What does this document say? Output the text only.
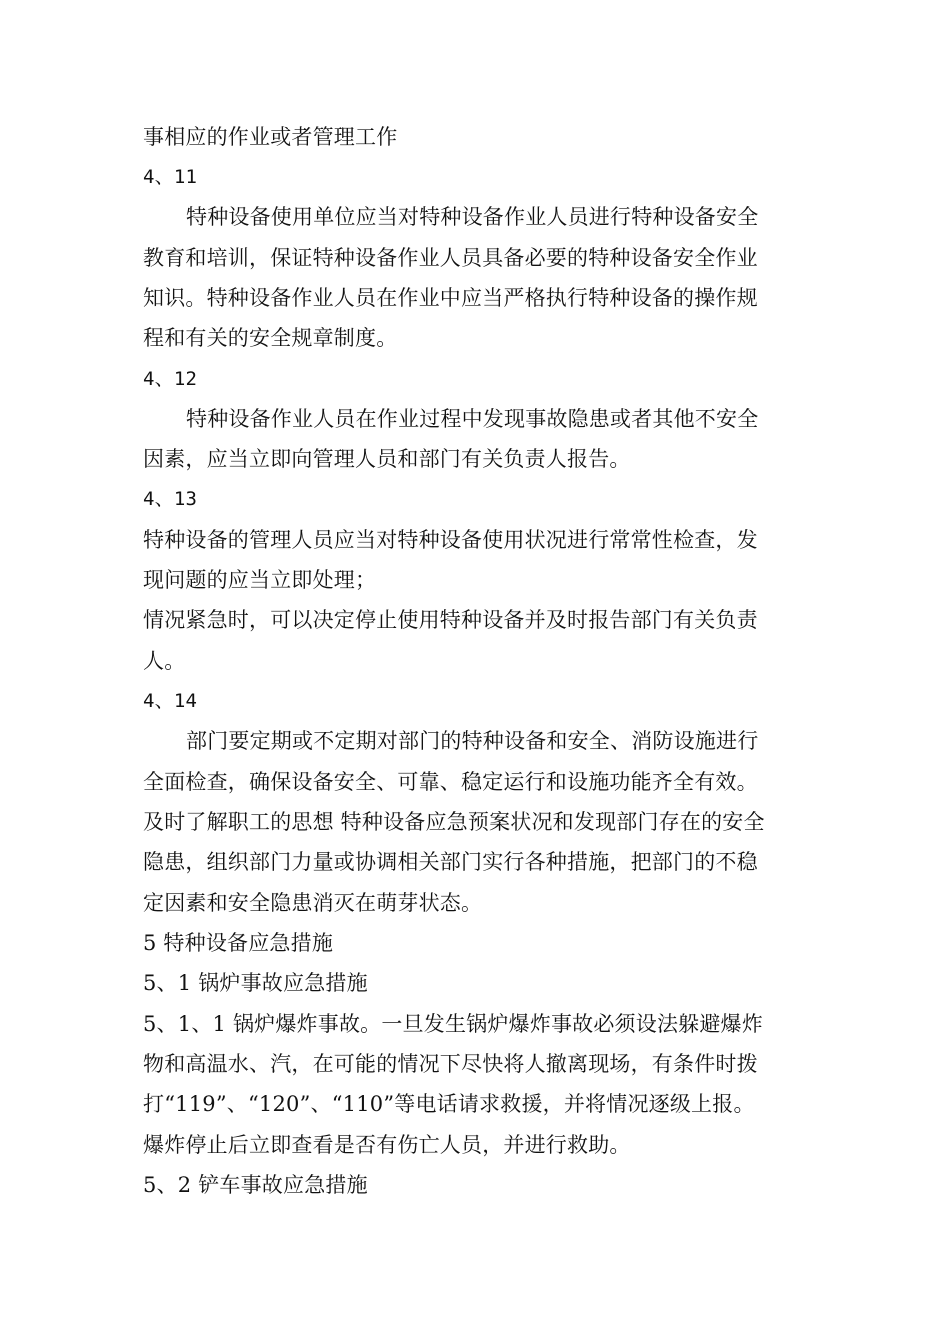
事相应的作业或者管理工作
4、11
特种设备使用单位应当对特种设备作业人员进行特种设备安全
教育和培训，保证特种设备作业人员具备必要的特种设备安全作业
知识。特种设备作业人员在作业中应当严格执行特种设备的操作规
程和有关的安全规章制度。
4、12
特种设备作业人员在作业过程中发现事故隐患或者其他不安全
因素，应当立即向管理人员和部门有关负责人报告。
4、13
特种设备的管理人员应当对特种设备使用状况进行常常性检查，发
现问题的应当立即处理；
情况紧急时，可以决定停止使用特种设备并及时报告部门有关负责
人。
4、14
部门要定期或不定期对部门的特种设备和安全、消防设施进行
全面检查，确保设备安全、可靠、稳定运行和设施功能齐全有效。
及时了解职工的思想 特种设备应急预案状况和发现部门存在的安全
隐患，组织部门力量或协调相关部门实行各种措施，把部门的不稳
定因素和安全隐患消灭在萌芽状态。
5 特种设备应急措施
5、1 锅炉事故应急措施
5、1、1 锅炉爆炸事故。一旦发生锅炉爆炸事故必须设法躲避爆炸
物和高温水、汽，在可能的情况下尽快将人撤离现场，有条件时拨
打“119”、“120”、“110”等电话请求救援，并将情况逐级上报。
爆炸停止后立即查看是否有伤亡人员，并进行救助。
5、2 铲车事故应急措施
